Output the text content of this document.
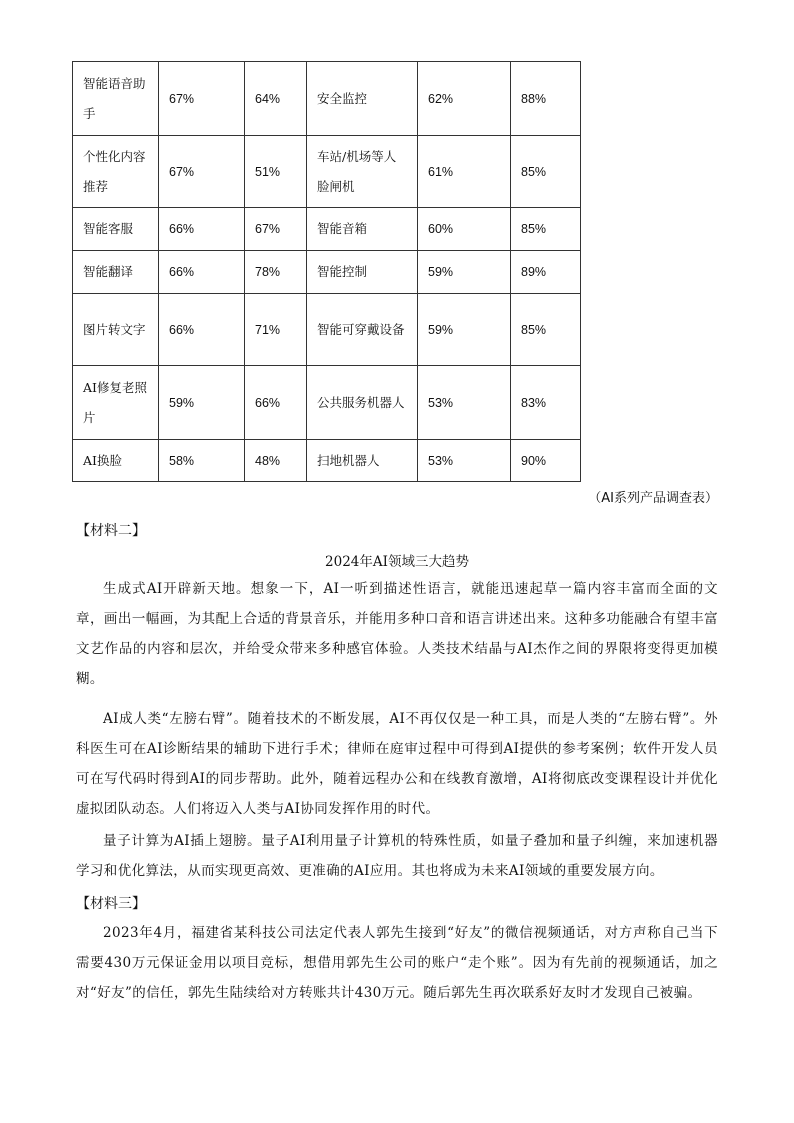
智能语音助手	67%	64%	安全监控	62%	88%
个性化内容推荐	67%	51%	车站/机场等人脸闸机	61%	85%
智能客服	66%	67%	智能音箱	60%	85%
智能翻译	66%	78%	智能控制	59%	89%
图片转文字	66%	71%	智能可穿戴设备	59%	85%
AI修复老照片	59%	66%	公共服务机器人	53%	83%
AI换脸	58%	48%	扫地机器人	53%	90%
（AI系列产品调查表）
【材料二】
2024年AI领域三大趋势

生成式AI开辟新天地。想象一下，AI一听到描述性语言，就能迅速起草一篇内容丰富而全面的文章，画出一幅画，为其配上合适的背景音乐，并能用多种口音和语言讲述出来。这种多功能融合有望丰富文艺作品的内容和层次，并给受众带来多种感官体验。人类技术结晶与AI杰作之间的界限将变得更加模糊。

AI成人类“左膀右臂”。随着技术的不断发展，AI不再仅仅是一种工具，而是人类的“左膀右臂”。外科医生可在AI诊断结果的辅助下进行手术；律师在庭审过程中可得到AI提供的参考案例；软件开发人员可在写代码时得到AI的同步帮助。此外，随着远程办公和在线教育激增，AI将彻底改变课程设计并优化虚拟团队动态。人们将迈入人类与AI协同发挥作用的时代。

量子计算为AI插上翅膀。量子AI利用量子计算机的特殊性质，如量子叠加和量子纠缠，来加速机器学习和优化算法，从而实现更高效、更准确的AI应用。其也将成为未来AI领域的重要发展方向。

【材料三】

2023年4月，福建省某科技公司法定代表人郭先生接到“好友”的微信视频通话，对方声称自己当下需要430万元保证金用以项目竞标，想借用郭先生公司的账户“走个账”。因为有先前的视频通话，加之对“好友”的信任，郭先生陆续给对方转账共计430万元。随后郭先生再次联系好友时才发现自己被骗。
